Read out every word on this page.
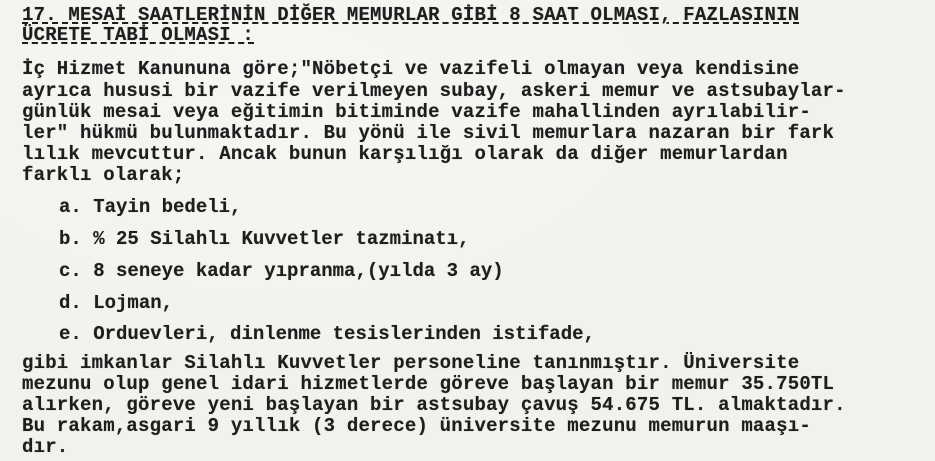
17. MESAİ SAATLERİNİN DİĞER MEMURLAR GİBİ 8 SAAT OLMASI, FAZLASININ
ÜCRETE TABİ OLMASI :
İç Hizmet Kanununa göre;"Nöbetçi ve vazifeli olmayan veya kendisine
ayrıca hususi bir vazife verilmeyen subay, askeri memur ve astsubaylar-
günlük mesai veya eğitimin bitiminde vazife mahallinden ayrılabilir-
ler" hükmü bulunmaktadır. Bu yönü ile sivil memurlara nazaran bir fark
lılık mevcuttur. Ancak bunun karşılığı olarak da diğer memurlardan
farklı olarak;
a. Tayin bedeli,
b. % 25 Silahlı Kuvvetler tazminatı,
c. 8 seneye kadar yıpranma,(yılda 3 ay)
d. Lojman,
e. Orduevleri, dinlenme tesislerinden istifade,
gibi imkanlar Silahlı Kuvvetler personeline tanınmıştır. Üniversite
mezunu olup genel idari hizmetlerde göreve başlayan bir memur 35.750TL
alırken, göreve yeni başlayan bir astsubay çavuş 54.675 TL. almaktadır.
Bu rakam,asgari 9 yıllık (3 derece) üniversite mezunu memurun maaşı-
dır.
